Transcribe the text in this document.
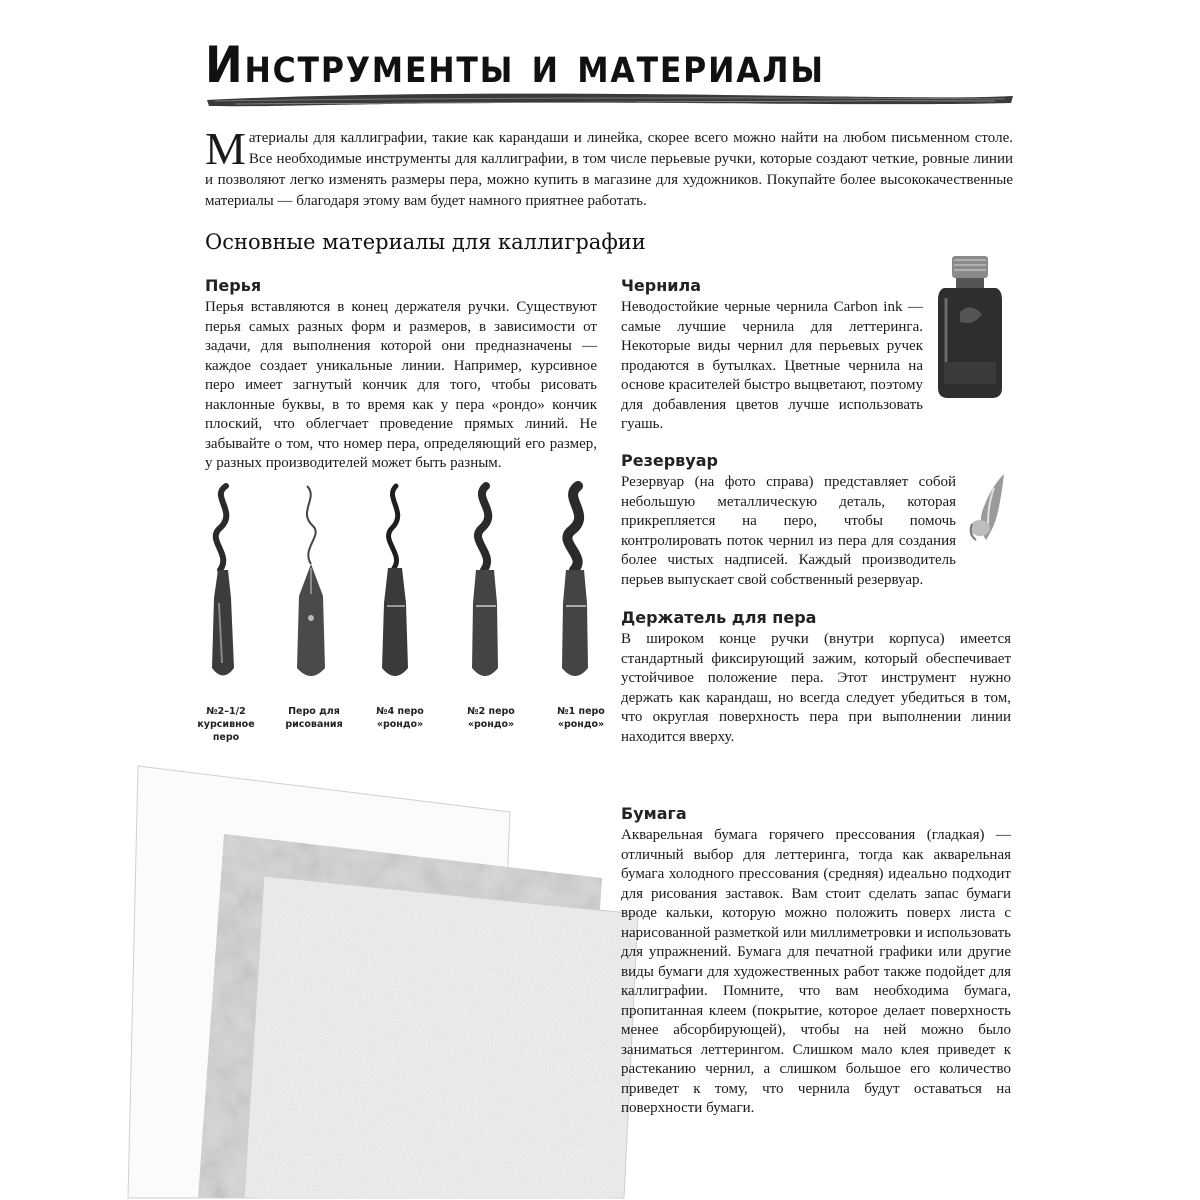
Инструменты и материалы

Материалы для каллиграфии, такие как карандаши и линейка, скорее всего можно найти на любом письменном столе. Все необходимые инструменты для каллиграфии, в том числе перьевые ручки, которые создают четкие, ровные линии и позволяют легко изменять размеры пера, можно купить в магазине для художников. Покупайте более высококачественные материалы — благодаря этому вам будет намного приятнее работать.

Основные материалы для каллиграфии
Перья

Перья вставляются в конец держателя ручки. Существуют перья самых разных форм и размеров, в зависимости от задачи, для выполнения которой они предназначены — каждое создает уникальные линии. Например, курсивное перо имеет загнутый кончик для того, чтобы рисовать наклонные буквы, в то время как у пера «рондо» кончик плоский, что облегчает проведение прямых линий. Не забывайте о том, что номер пера, определяющий его размер, у разных производителей может быть разным.

№2–1/2 курсивное перо

Перо для рисования

№4 перо «рондо»

№2 перо «рондо»

№1 перо «рондо»

Чернила

Неводостойкие черные чернила Carbon ink — самые лучшие чернила для леттеринга. Некоторые виды чернил для перьевых ручек продаются в бутылках. Цветные чернила на основе красителей быстро выцветают, поэтому для добавления цветов лучше использовать гуашь.

Резервуар

Резервуар (на фото справа) представляет собой небольшую металлическую деталь, которая прикрепляется на перо, чтобы помочь контролировать поток чернил из пера для создания более чистых надписей. Каждый производитель перьев выпускает свой собственный резервуар.

Держатель для пера

В широком конце ручки (внутри корпуса) имеется стандартный фиксирующий зажим, который обеспечивает устойчивое положение пера. Этот инструмент нужно держать как карандаш, но всегда следует убедиться в том, что округлая поверхность пера при выполнении линии находится вверху.

Бумага

Акварельная бумага горячего прессования (гладкая) — отличный выбор для леттеринга, тогда как акварельная бумага холодного прессования (средняя) идеально подходит для рисования заставок. Вам стоит сделать запас бумаги вроде кальки, которую можно положить поверх листа с нарисованной разметкой или миллиметровки и использовать для упражнений. Бумага для печатной графики или другие виды бумаги для художественных работ также подойдет для каллиграфии. Помните, что вам необходима бумага, пропитанная клеем (покрытие, которое делает поверхность менее абсорбирующей), чтобы на ней можно было заниматься леттерингом. Слишком мало клея приведет к растеканию чернил, а слишком большое его количество приведет к тому, что чернила будут оставаться на поверхности бумаги.
